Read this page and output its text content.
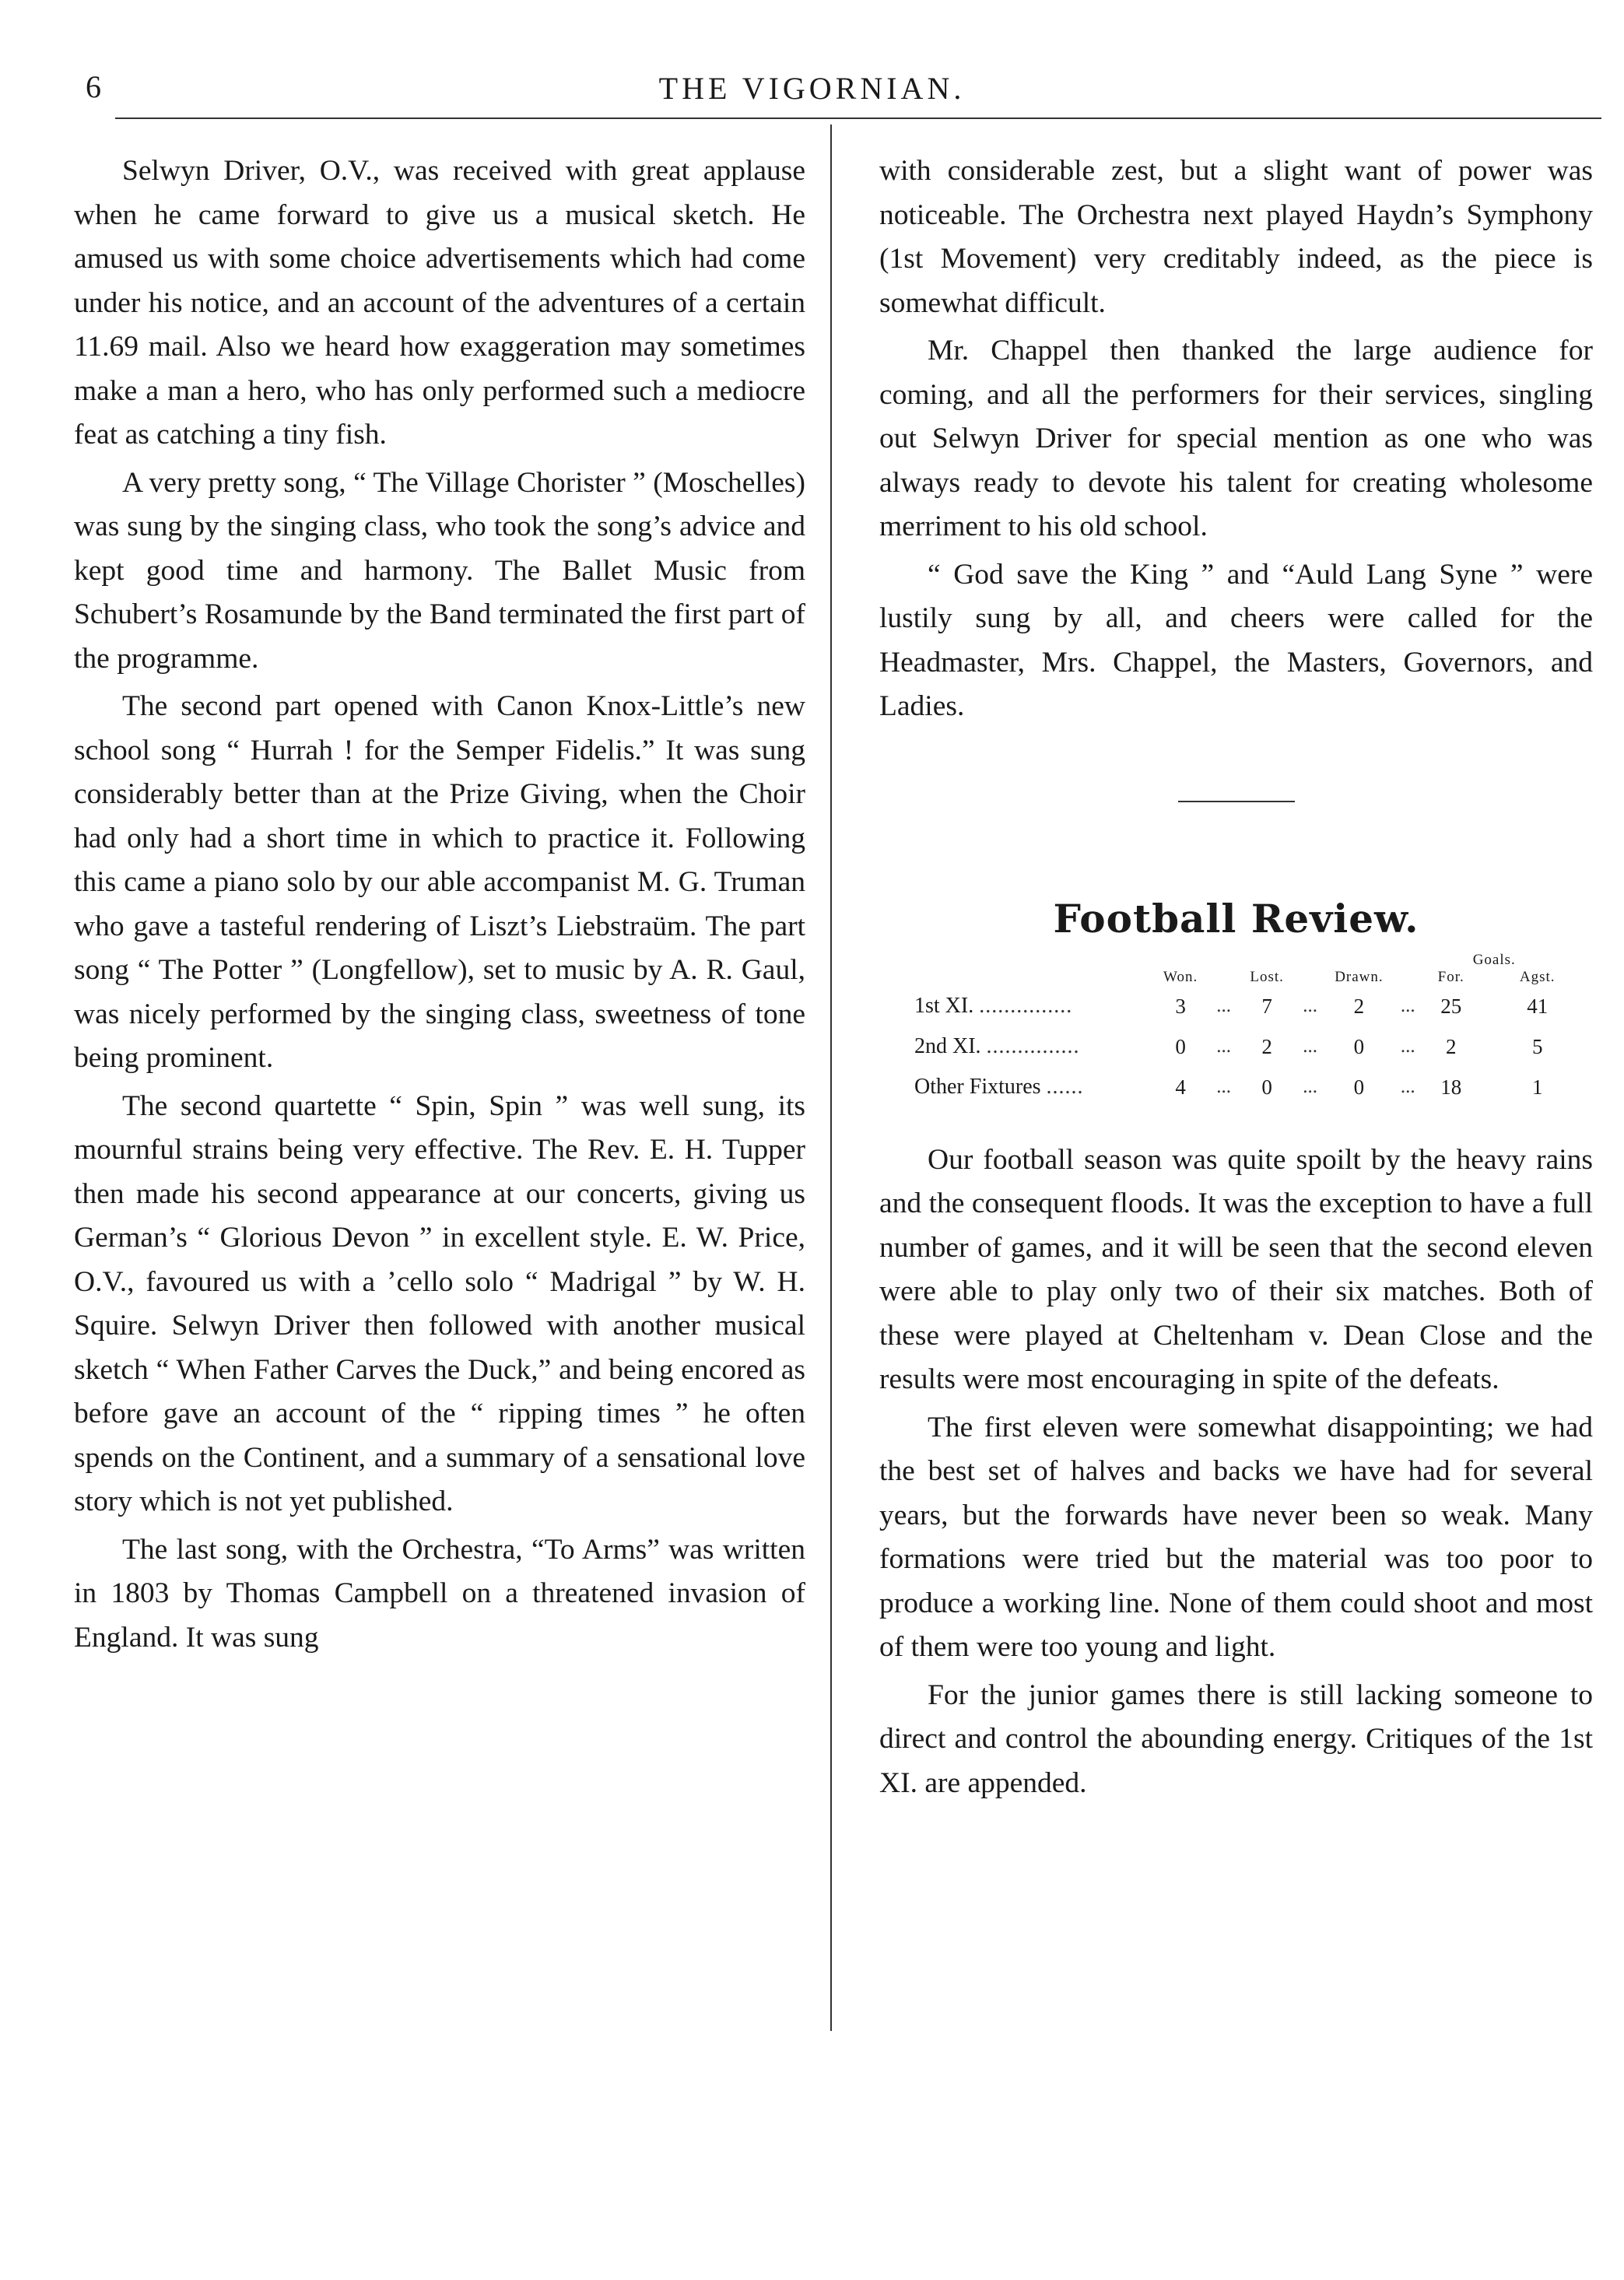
6	THE VIGORNIAN.

Selwyn Driver, O.V., was received with great applause when he came forward to give us a musical sketch. He amused us with some choice advertisements which had come under his notice, and an account of the adventures of a certain 11.69 mail. Also we heard how exaggeration may sometimes make a man a hero, who has only performed such a mediocre feat as catching a tiny fish.

A very pretty song, “ The Village Chorister ” (Moschelles) was sung by the singing class, who took the song’s advice and kept good time and harmony. The Ballet Music from Schubert’s Rosamunde by the Band terminated the first part of the programme.

The second part opened with Canon Knox-Little’s new school song “ Hurrah ! for the Semper Fidelis.” It was sung considerably better than at the Prize Giving, when the Choir had only had a short time in which to practice it. Following this came a piano solo by our able accompanist M. G. Truman who gave a tasteful rendering of Liszt’s Liebstraüm. The part song “ The Potter ” (Longfellow), set to music by A. R. Gaul, was nicely performed by the singing class, sweetness of tone being prominent.

The second quartette “ Spin, Spin ” was well sung, its mournful strains being very effective. The Rev. E. H. Tupper then made his second appearance at our concerts, giving us German’s “ Glorious Devon ” in excellent style. E. W. Price, O.V., favoured us with a ’cello solo “ Madrigal ” by W. H. Squire. Selwyn Driver then followed with another musical sketch “ When Father Carves the Duck,” and being encored as before gave an account of the “ ripping times ” he often spends on the Continent, and a summary of a sensational love story which is not yet published.

The last song, with the Orchestra, “To Arms” was written in 1803 by Thomas Campbell on a threatened invasion of England. It was sung

with considerable zest, but a slight want of power was noticeable. The Orchestra next played Haydn’s Symphony (1st Movement) very creditably indeed, as the piece is somewhat difficult.

Mr. Chappel then thanked the large audience for coming, and all the performers for their services, singling out Selwyn Driver for special mention as one who was always ready to devote his talent for creating wholesome merriment to his old school.

“ God save the King ” and “Auld Lang Syne ” were lustily sung by all, and cheers were called for the Headmaster, Mrs. Chappel, the Masters, Governors, and Ladies.

Football Review.
							Goals.		
	Won.		Lost.		Drawn.		For.		Agst.
1st XI. ...............	3	...	7	...	2	...	25		41
2nd XI. ...............	0	...	2	...	0	...	2		5
Other Fixtures ......	4	...	0	...	0	...	18		1

Our football season was quite spoilt by the heavy rains and the consequent floods. It was the exception to have a full number of games, and it will be seen that the second eleven were able to play only two of their six matches. Both of these were played at Cheltenham v. Dean Close and the results were most encouraging in spite of the defeats.

The first eleven were somewhat disappointing; we had the best set of halves and backs we have had for several years, but the forwards have never been so weak. Many formations were tried but the material was too poor to produce a working line. None of them could shoot and most of them were too young and light.

For the junior games there is still lacking someone to direct and control the abounding energy. Critiques of the 1st XI. are appended.
